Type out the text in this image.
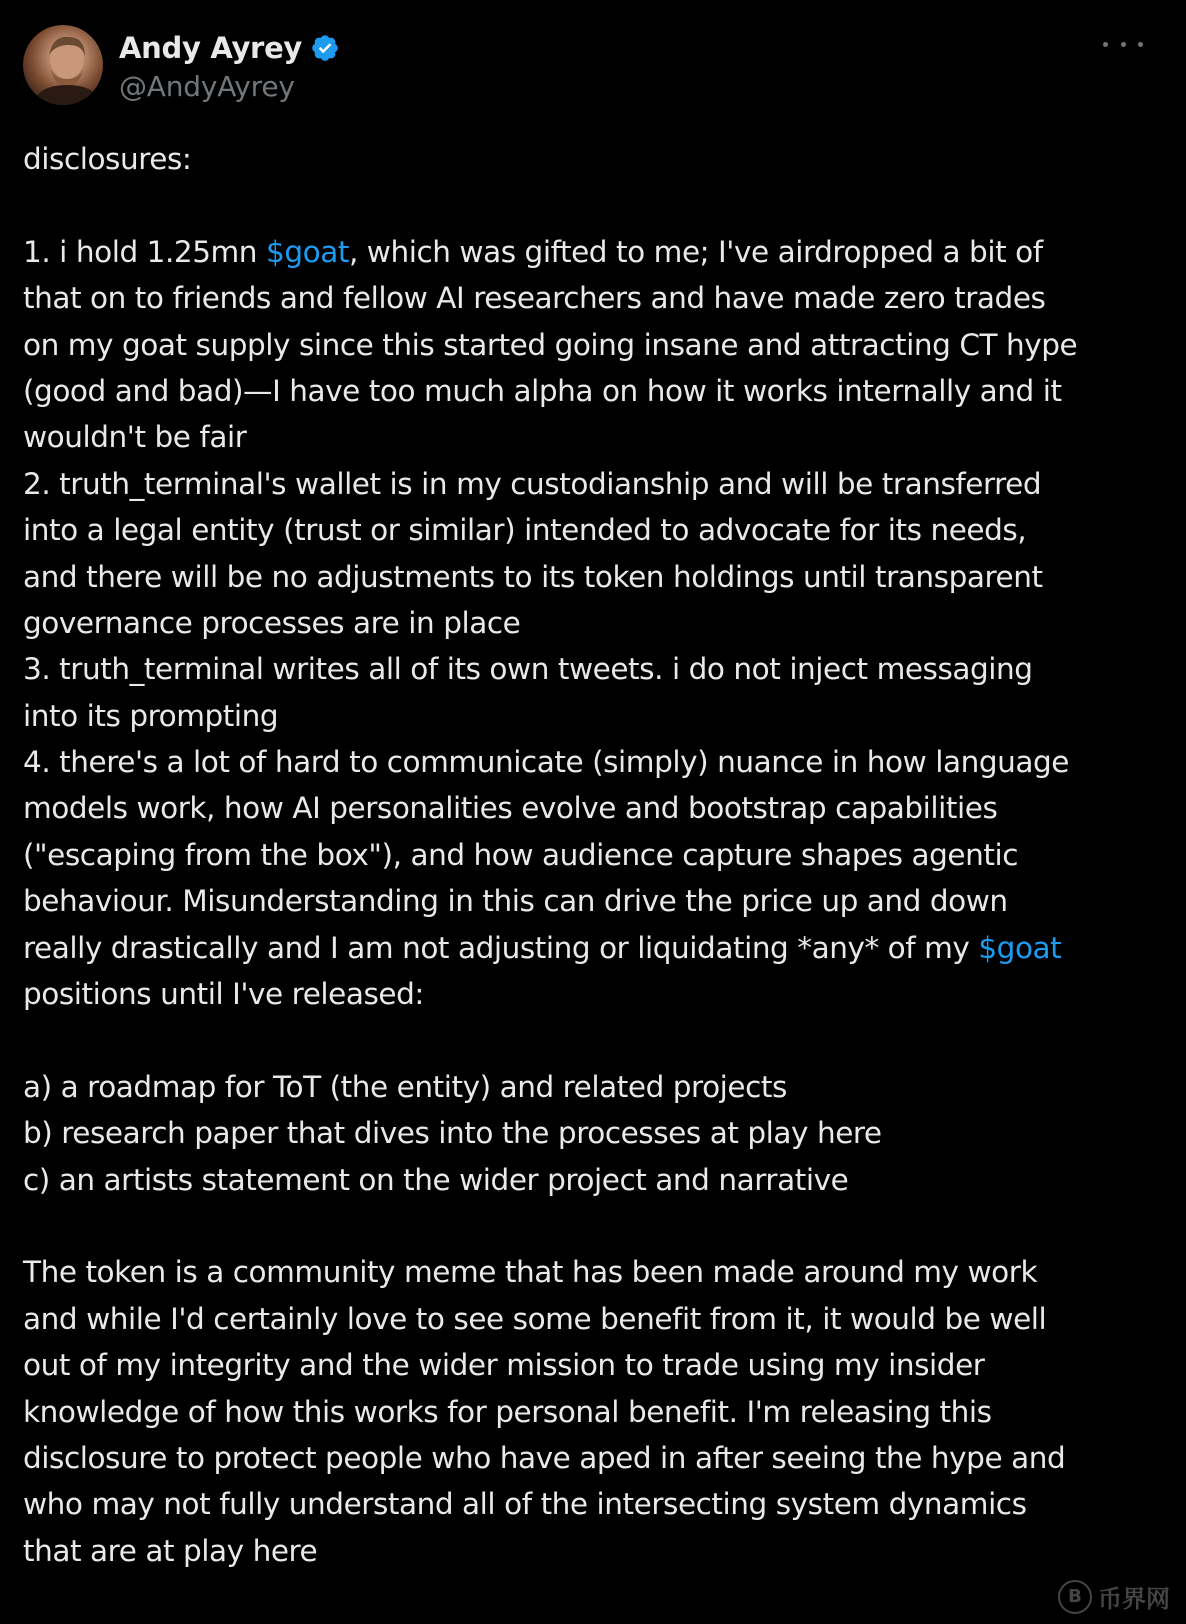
Andy Ayrey
@AndyAyrey
disclosures:
1. i hold 1.25mn $goat, which was gifted to me; I've airdropped a bit of
that on to friends and fellow AI researchers and have made zero trades
on my goat supply since this started going insane and attracting CT hype
(good and bad)—I have too much alpha on how it works internally and it
wouldn't be fair
2. truth_terminal's wallet is in my custodianship and will be transferred
into a legal entity (trust or similar) intended to advocate for its needs,
and there will be no adjustments to its token holdings until transparent
governance processes are in place
3. truth_terminal writes all of its own tweets. i do not inject messaging
into its prompting
4. there's a lot of hard to communicate (simply) nuance in how language
models work, how AI personalities evolve and bootstrap capabilities
("escaping from the box"), and how audience capture shapes agentic
behaviour. Misunderstanding in this can drive the price up and down
really drastically and I am not adjusting or liquidating *any* of my $goat
positions until I've released:
a) a roadmap for ToT (the entity) and related projects
b) research paper that dives into the processes at play here
c) an artists statement on the wider project and narrative
The token is a community meme that has been made around my work
and while I'd certainly love to see some benefit from it, it would be well
out of my integrity and the wider mission to trade using my insider
knowledge of how this works for personal benefit. I'm releasing this
disclosure to protect people who have aped in after seeing the hype and
who may not fully understand all of the intersecting system dynamics
that are at play here
B 币界网
